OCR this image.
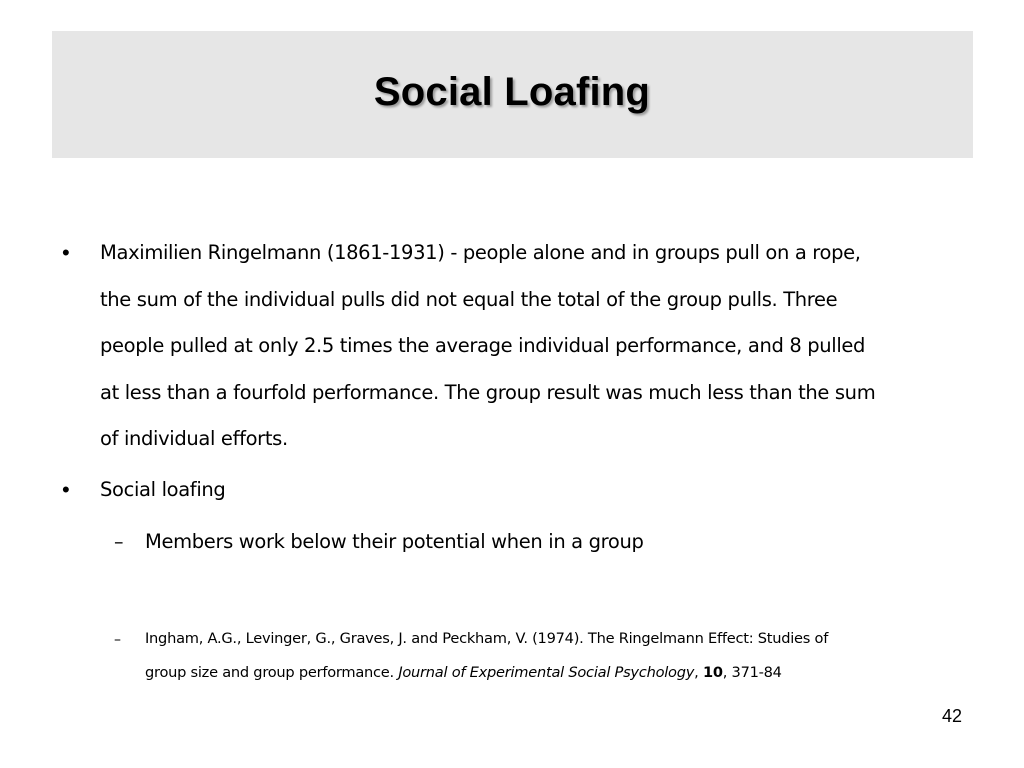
Social Loafing
• Maximilien Ringelmann (1861-1931) - people alone and in groups pull on a rope,
the sum of the individual pulls did not equal the total of the group pulls. Three
people pulled at only 2.5 times the average individual performance, and 8 pulled
at less than a fourfold performance. The group result was much less than the sum
of individual efforts.
• Social loafing
– Members work below their potential when in a group
– Ingham, A.G., Levinger, G., Graves, J. and Peckham, V. (1974). The Ringelmann Effect: Studies of
group size and group performance. Journal of Experimental Social Psychology, 10, 371-84
42
